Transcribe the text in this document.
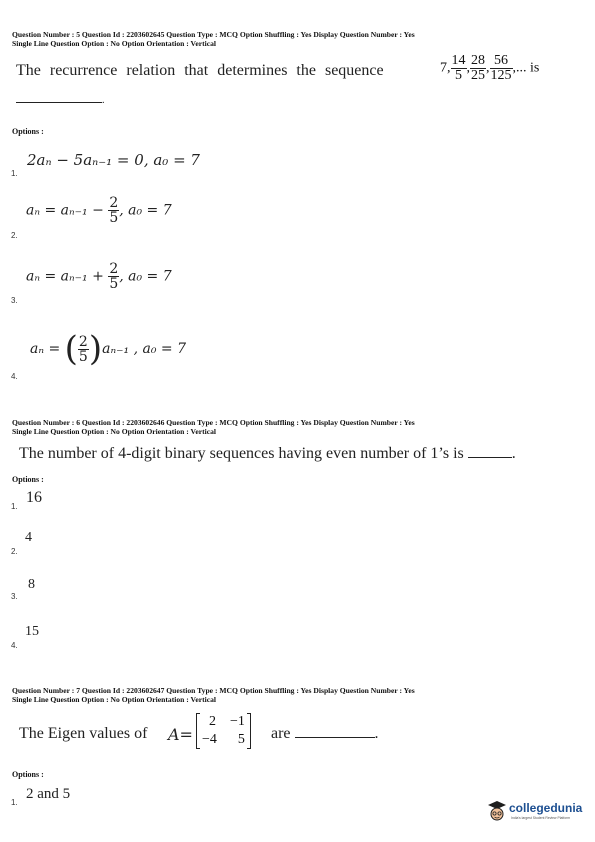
Question Number : 5 Question Id : 2203602645 Question Type : MCQ Option Shuffling : Yes Display Question Number : Yes
Single Line Question Option : No Option Orientation : Vertical
The recurrence relation that determines the sequence	7, $\frac{14}{5}$ , $\frac{28}{25}$ , $\frac{56}{125}$ ,... is
.
Options :
1.
2aₙ − 5aₙ₋₁ = 0, a₀ = 7
2.
$a_n = a_{n-1} - \frac{2}{5}$ , a₀ = 7
3.
$a_n = a_{n-1} + \frac{2}{5}$ , a₀ = 7
4.
aₙ = ( $\frac{2}{5} )a_{n-1}$ , a₀ = 7
Question Number : 6 Question Id : 2203602646 Question Type : MCQ Option Shuffling : Yes Display Question Number : Yes
Single Line Question Option : No Option Orientation : Vertical
The number of 4-digit binary sequences having even number of 1’s is	.
Options :
1.
16
2.
4
3.
8
4.
15
Question Number : 7 Question Id : 2203602647 Question Type : MCQ Option Shuffling : Yes Display Question Number : Yes
Single Line Question Option : No Option Orientation : Vertical
The Eigen values of A=
2 −1
−4 5 are	.
Options :
1.
2 and 5
collegedunia
India's largest Student Review Platform
